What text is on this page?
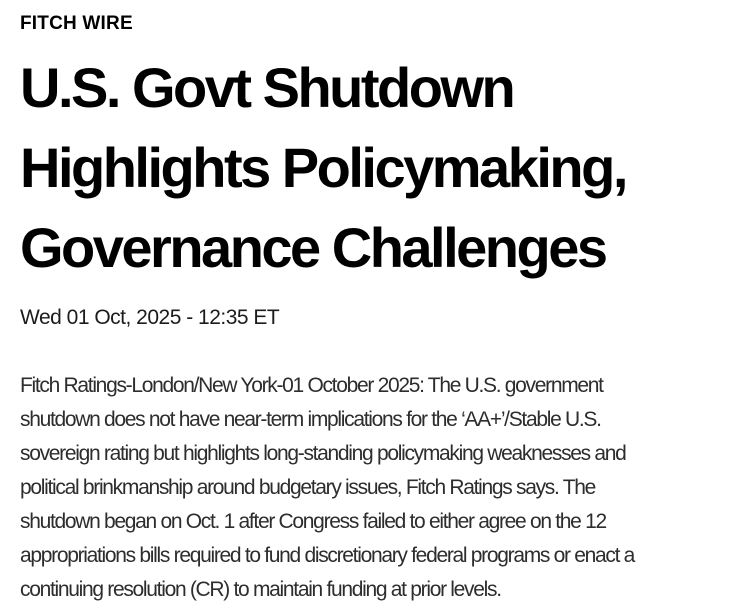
FITCH WIRE
U.S. Govt Shutdown
Highlights Policymaking,
Governance Challenges
Wed 01 Oct, 2025 - 12:35 ET

Fitch Ratings-London/New York-01 October 2025: The U.S. government
shutdown does not have near-term implications for the ‘AA+’/Stable U.S.
sovereign rating but highlights long-standing policymaking weaknesses and
political brinkmanship around budgetary issues, Fitch Ratings says. The
shutdown began on Oct. 1 after Congress failed to either agree on the 12
appropriations bills required to fund discretionary federal programs or enact a
continuing resolution (CR) to maintain funding at prior levels.
